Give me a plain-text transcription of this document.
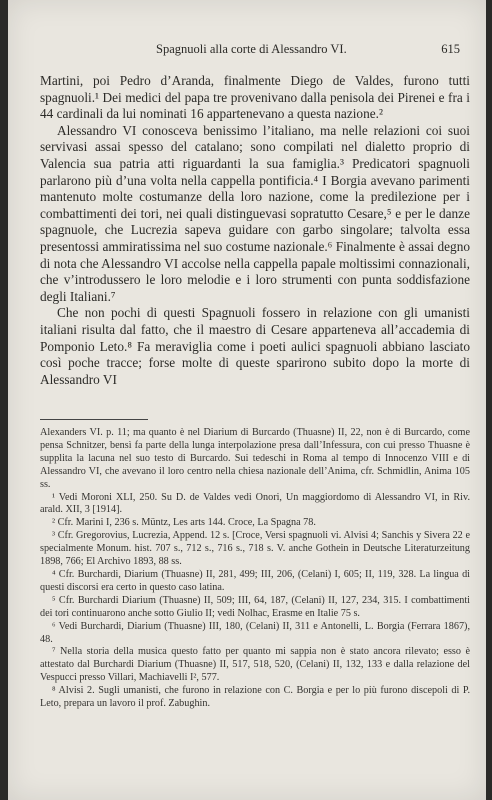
Spagnuoli alla corte di Alessandro VI.	615

Martini, poi Pedro d’Aranda, finalmente Diego de Valdes, furono tutti spagnuoli.¹ Dei medici del papa tre provenivano dalla penisola dei Pirenei e fra i 44 cardinali da lui nominati 16 appartenevano a questa nazione.²

Alessandro VI conosceva benissimo l’italiano, ma nelle relazioni coi suoi servivasi assai spesso del catalano; sono compilati nel dialetto proprio di Valencia sua patria atti riguardanti la sua famiglia.³ Predicatori spagnuoli parlarono più d’una volta nella cappella pontificia.⁴ I Borgia avevano parimenti mantenuto molte costumanze della loro nazione, come la predilezione per i combattimenti dei tori, nei quali distinguevasi sopratutto Cesare,⁵ e per le danze spagnuole, che Lucrezia sapeva guidare con garbo singolare; talvolta essa presentossi ammiratissima nel suo costume nazionale.⁶ Finalmente è assai degno di nota che Alessandro VI accolse nella cappella papale moltissimi connazionali, che v’introdussero le loro melodie e i loro strumenti con punta soddisfazione degli Italiani.⁷

Che non pochi di questi Spagnuoli fossero in relazione con gli umanisti italiani risulta dal fatto, che il maestro di Cesare apparteneva all’accademia di Pomponio Leto.⁸ Fa meraviglia come i poeti aulici spagnuoli abbiano lasciato così poche tracce; forse molte di queste sparirono subito dopo la morte di Alessandro VI

Alexanders VI. p. 11; ma quanto è nel Diarium di Burcardo (Thuasne) II, 22, non è di Burcardo, come pensa Schnitzer, bensì fa parte della lunga interpolazione presa dall’Infessura, con cui presso Thuasne è supplita la lacuna nel suo testo di Burcardo. Sui tedeschi in Roma al tempo di Innocenzo VIII e di Alessandro VI, che avevano il loro centro nella chiesa nazionale dell’Anima, cfr. Schmidlin, Anima 105 ss.

¹ Vedi Moroni XLI, 250. Su D. de Valdes vedi Onori, Un maggiordomo di Alessandro VI, in Riv. arald. XII, 3 [1914].

² Cfr. Marini I, 236 s. Müntz, Les arts 144. Croce, La Spagna 78.

³ Cfr. Gregorovius, Lucrezia, Append. 12 s. [Croce, Versi spagnuoli vi. Alvisi 4; Sanchis y Sivera 22 e specialmente Monum. hist. 707 s., 712 s., 716 s., 718 s. V. anche Gothein in Deutsche Literaturzeitung 1898, 766; El Archivo 1893, 88 ss.

⁴ Cfr. Burchardi, Diarium (Thuasne) II, 281, 499; III, 206, (Celani) I, 605; II, 119, 328. La lingua di questi discorsi era certo in questo caso latina.

⁵ Cfr. Burchardi Diarium (Thuasne) II, 509; III, 64, 187, (Celani) II, 127, 234, 315. I combattimenti dei tori continuarono anche sotto Giulio II; vedi Nolhac, Erasme en Italie 75 s.

⁶ Vedi Burchardi, Diarium (Thuasne) III, 180, (Celani) II, 311 e Antonelli, L. Borgia (Ferrara 1867), 48.

⁷ Nella storia della musica questo fatto per quanto mi sappia non è stato ancora rilevato; esso è attestato dal Burchardi Diarium (Thuasne) II, 517, 518, 520, (Celani) II, 132, 133 e dalla relazione del Vespucci presso Villari, Machiavelli I², 577.

⁸ Alvisi 2. Sugli umanisti, che furono in relazione con C. Borgia e per lo più furono discepoli di P. Leto, prepara un lavoro il prof. Zabughin.
